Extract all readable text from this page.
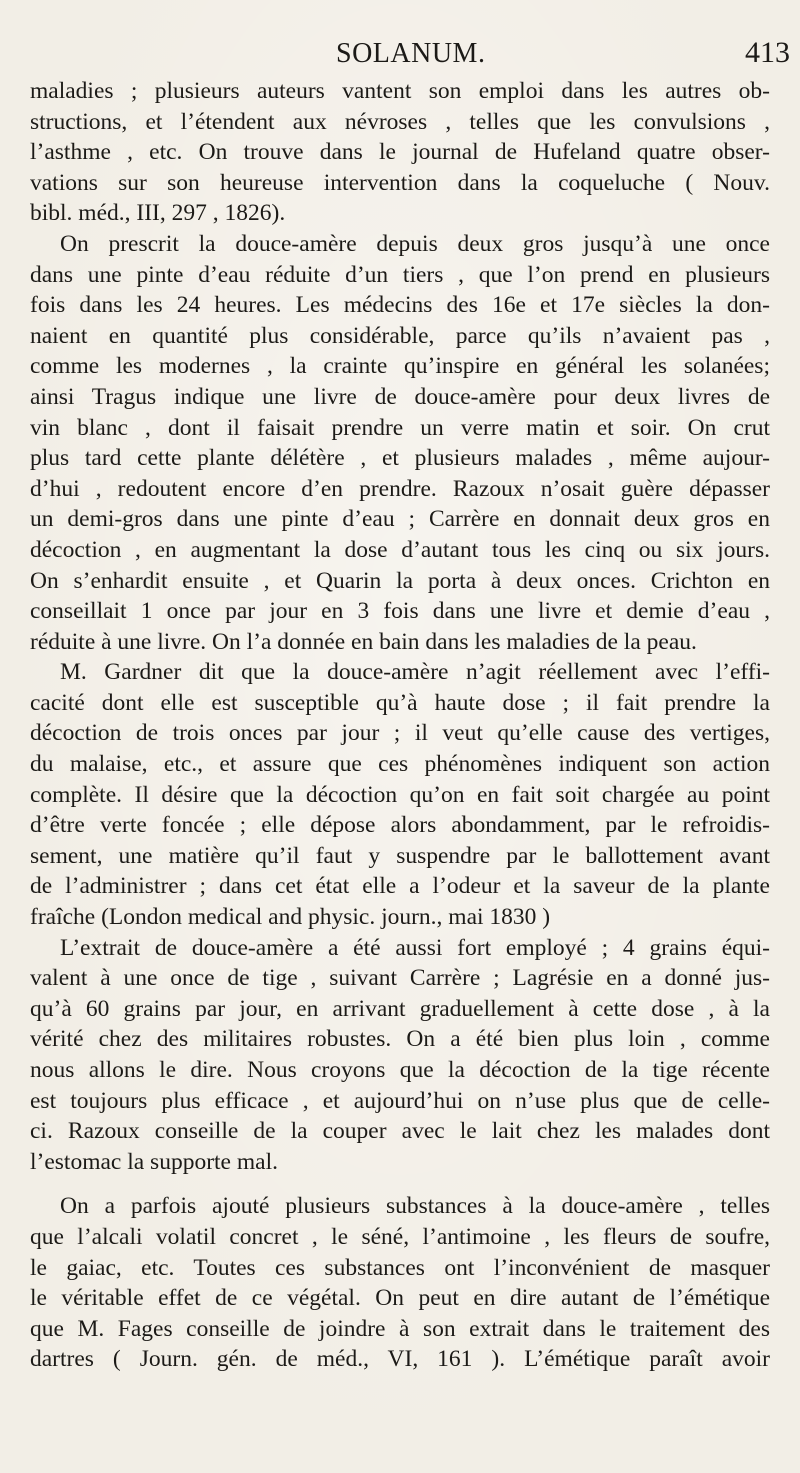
SOLANUM.	413
maladies ; plusieurs auteurs vantent son emploi dans les autres ob-
structions, et l’étendent aux névroses , telles que les convulsions ,
l’asthme , etc. On trouve dans le journal de Hufeland quatre obser-
vations sur son heureuse intervention dans la coqueluche ( Nouv.
bibl. méd., III, 297 , 1826).
On prescrit la douce-amère depuis deux gros jusqu’à une once
dans une pinte d’eau réduite d’un tiers , que l’on prend en plusieurs
fois dans les 24 heures. Les médecins des 16e et 17e siècles la don-
naient en quantité plus considérable, parce qu’ils n’avaient pas ,
comme les modernes , la crainte qu’inspire en général les solanées;
ainsi Tragus indique une livre de douce-amère pour deux livres de
vin blanc , dont il faisait prendre un verre matin et soir. On crut
plus tard cette plante délétère , et plusieurs malades , même aujour-
d’hui , redoutent encore d’en prendre. Razoux n’osait guère dépasser
un demi-gros dans une pinte d’eau ; Carrère en donnait deux gros en
décoction , en augmentant la dose d’autant tous les cinq ou six jours.
On s’enhardit ensuite , et Quarin la porta à deux onces. Crichton en
conseillait 1 once par jour en 3 fois dans une livre et demie d’eau ,
réduite à une livre. On l’a donnée en bain dans les maladies de la peau.
M. Gardner dit que la douce-amère n’agit réellement avec l’effi-
cacité dont elle est susceptible qu’à haute dose ; il fait prendre la
décoction de trois onces par jour ; il veut qu’elle cause des vertiges,
du malaise, etc., et assure que ces phénomènes indiquent son action
complète. Il désire que la décoction qu’on en fait soit chargée au point
d’être verte foncée ; elle dépose alors abondamment, par le refroidis-
sement, une matière qu’il faut y suspendre par le ballottement avant
de l’administrer ; dans cet état elle a l’odeur et la saveur de la plante
fraîche (London medical and physic. journ., mai 1830 )
L’extrait de douce-amère a été aussi fort employé ; 4 grains équi-
valent à une once de tige , suivant Carrère ; Lagrésie en a donné jus-
qu’à 60 grains par jour, en arrivant graduellement à cette dose , à la
vérité chez des militaires robustes. On a été bien plus loin , comme
nous allons le dire. Nous croyons que la décoction de la tige récente
est toujours plus efficace , et aujourd’hui on n’use plus que de celle-
ci. Razoux conseille de la couper avec le lait chez les malades dont
l’estomac la supporte mal.
On a parfois ajouté plusieurs substances à la douce-amère , telles
que l’alcali volatil concret , le séné, l’antimoine , les fleurs de soufre,
le gaiac, etc. Toutes ces substances ont l’inconvénient de masquer
le véritable effet de ce végétal. On peut en dire autant de l’émétique
que M. Fages conseille de joindre à son extrait dans le traitement des
dartres ( Journ. gén. de méd., VI, 161 ). L’émétique paraît avoir
